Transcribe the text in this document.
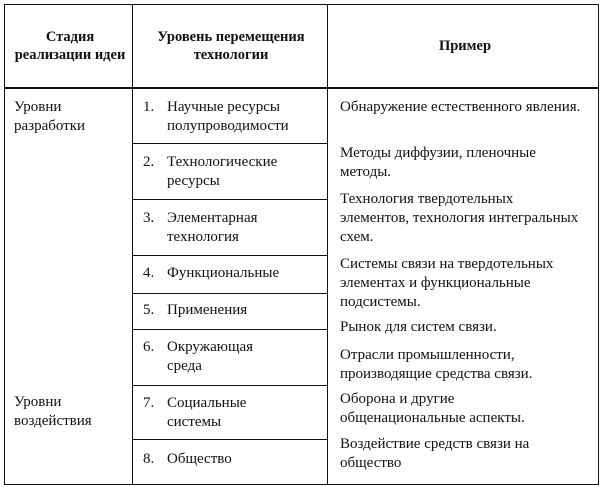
Стадия реализации идеи
Уровень перемещения технологии
Пример
Уровни разработки
Уровни воздействия
1. Научные ресурсы полупроводимости
2. Технологические ресурсы
3. Элементарная технология
4. Функциональные
5. Применения
6. Окружающая среда
7. Социальные системы
8. Общество
Обнаружение естественного явления.
Методы диффузии, пленочные методы.
Технология твердотельных элементов, технология интегральных схем.
Системы связи на твердотельных элементах и функциональные подсистемы.
Рынок для систем связи.
Отрасли промышленности, производящие средства связи.
Оборона и другие общенациональные аспекты.
Воздействие средств связи на общество
